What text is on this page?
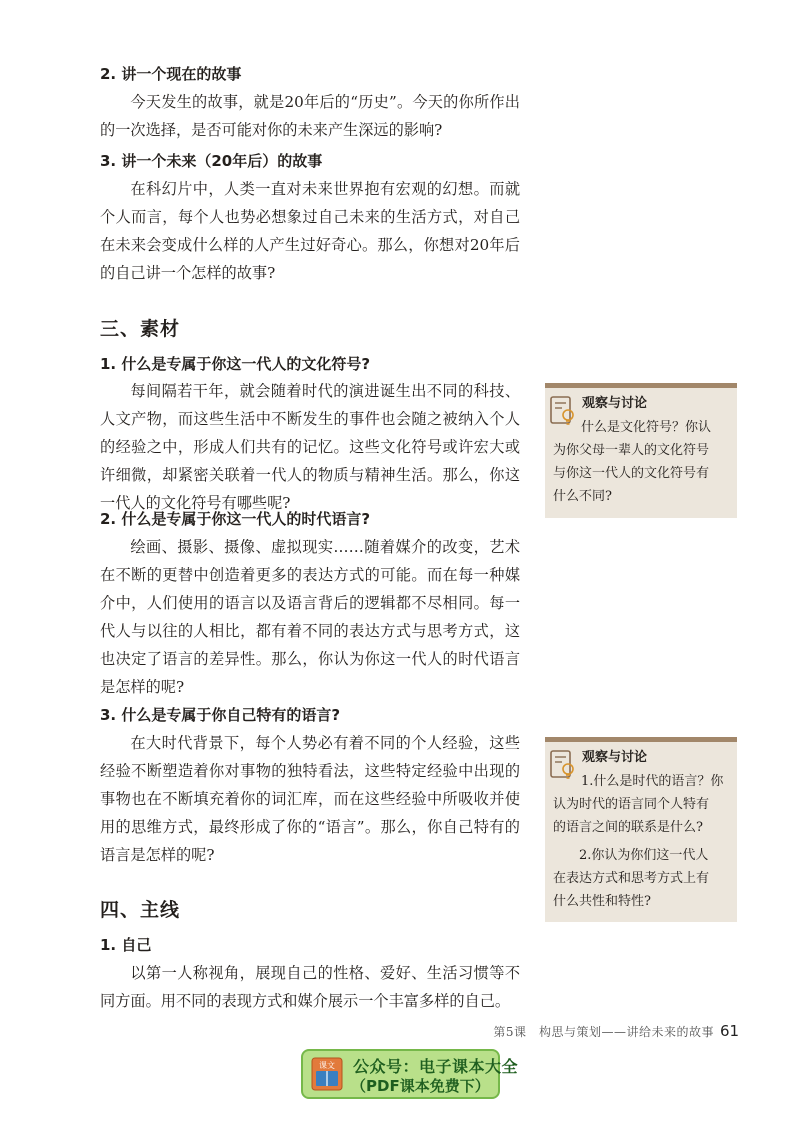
2. 讲一个现在的故事
今天发生的故事，就是20年后的“历史”。今天的你所作出的一次选择，是否可能对你的未来产生深远的影响?
3. 讲一个未来（20年后）的故事
在科幻片中，人类一直对未来世界抱有宏观的幻想。而就个人而言，每个人也势必想象过自己未来的生活方式，对自己在未来会变成什么样的人产生过好奇心。那么，你想对20年后的自己讲一个怎样的故事?
三、素材
1. 什么是专属于你这一代人的文化符号?
每间隔若干年，就会随着时代的演进诞生出不同的科技、人文产物，而这些生活中不断发生的事件也会随之被纳入个人的经验之中，形成人们共有的记忆。这些文化符号或许宏大或许细微，却紧密关联着一代人的物质与精神生活。那么，你这一代人的文化符号有哪些呢?
2. 什么是专属于你这一代人的时代语言?
绘画、摄影、摄像、虚拟现实……随着媒介的改变，艺术在不断的更替中创造着更多的表达方式的可能。而在每一种媒介中，人们使用的语言以及语言背后的逻辑都不尽相同。每一代人与以往的人相比，都有着不同的表达方式与思考方式，这也决定了语言的差异性。那么，你认为你这一代人的时代语言是怎样的呢?
3. 什么是专属于你自己特有的语言?
在大时代背景下，每个人势必有着不同的个人经验，这些经验不断塑造着你对事物的独特看法，这些特定经验中出现的事物也在不断填充着你的词汇库，而在这些经验中所吸收并使用的思维方式，最终形成了你的“语言”。那么，你自己特有的语言是怎样的呢?
四、主线
1. 自己
以第一人称视角，展现自己的性格、爱好、生活习惯等不同方面。用不同的表现方式和媒介展示一个丰富多样的自己。
观察与讨论
什么是文化符号？你认
为你父母一辈人的文化符号
与你这一代人的文化符号有
什么不同?
观察与讨论
1.什么是时代的语言？你
认为时代的语言同个人特有
的语言之间的联系是什么?
2.你认为你们这一代人
在表达方式和思考方式上有
什么共性和特性?
第5课　构思与策划——讲给未来的故事 61
课文 公众号：电子课本大全
（PDF课本免费下）
